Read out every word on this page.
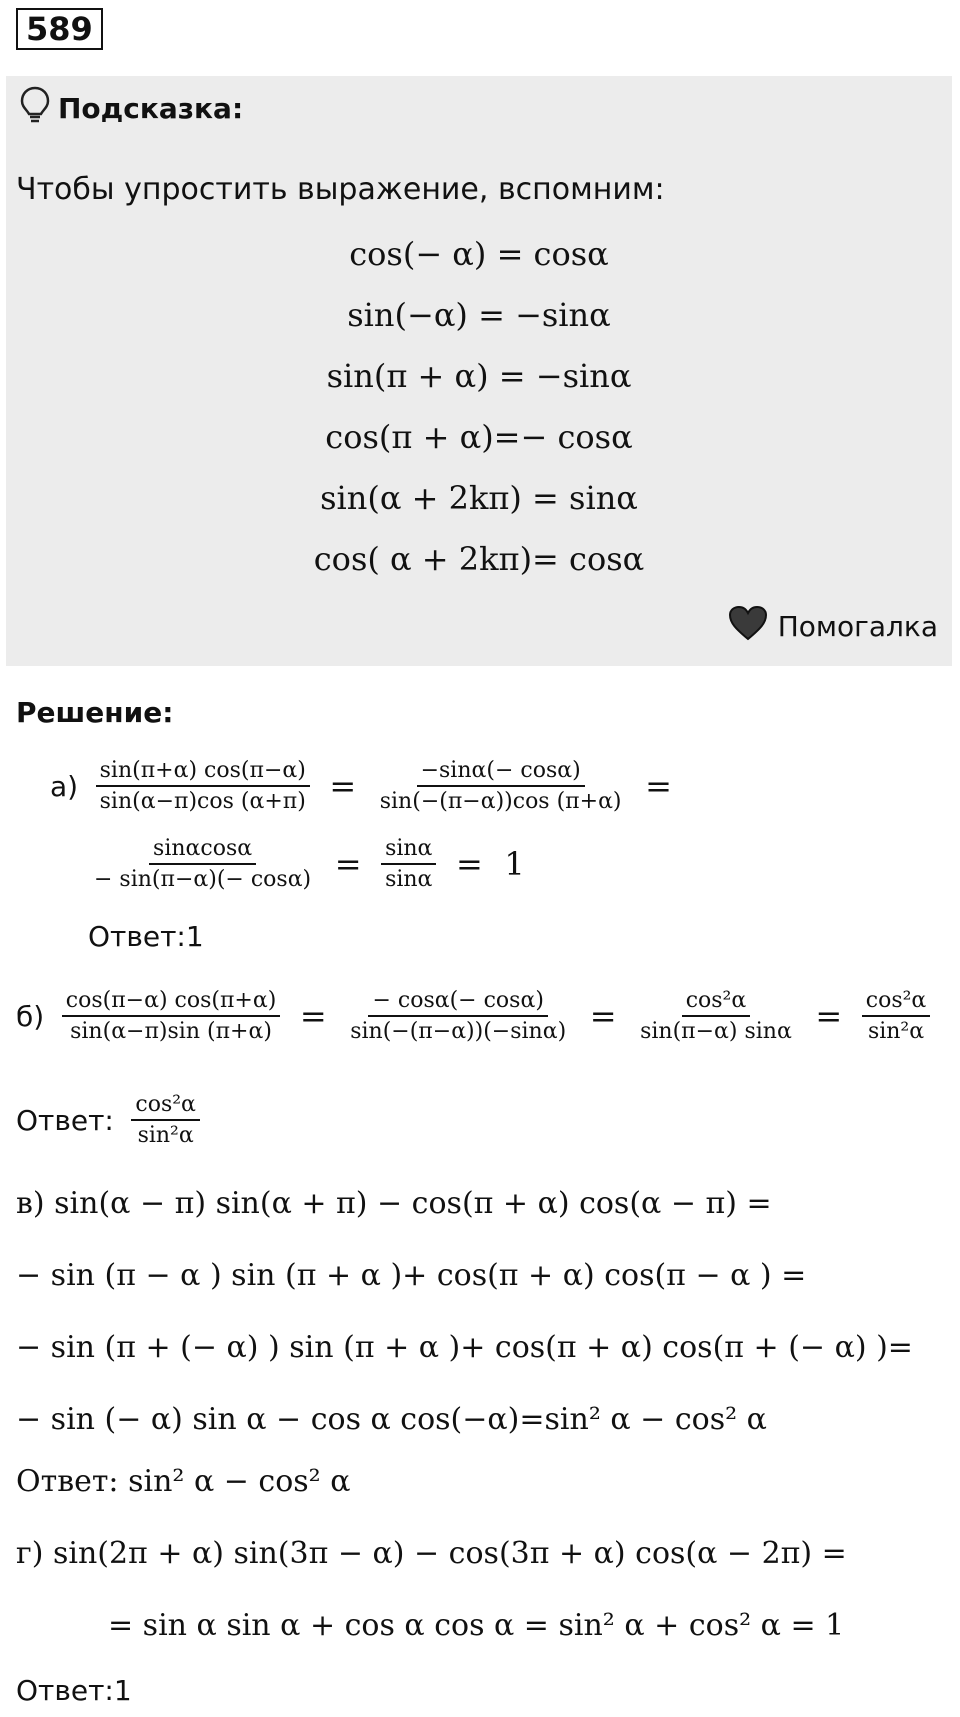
589
Подсказка:
Чтобы упростить выражение, вспомним:
cos(− α) = cosα
sin(−α) = −sinα
sin(π + α) = −sinα
cos(π + α)=− cosα
sin(α + 2kπ) = sinα
cos( α + 2kπ)= cosα
Помогалка
Решение:
$а) \frac{\sin(\pi+\alpha) \cos(\pi-\alpha)}{\sin(\alpha-\pi)\cos (\alpha+\pi)} = \frac{-\sin\alpha(- \cos\alpha)}{\sin(-(\pi-\alpha))\cos (\pi+\alpha)}$ =
$\frac{\sin\alpha\cos\alpha}{- \sin(\pi-\alpha)(- \cos\alpha)} = \frac{\sin\alpha}{\sin\alpha} = 1$
Ответ:1
$б) \frac{\cos(\pi-\alpha) \cos(\pi+\alpha)}{\sin(\alpha-\pi)\sin (\pi+\alpha)} = \frac{- \cos\alpha(- \cos\alpha)}{\sin(-(\pi-\alpha))(-\sin\alpha)} = \frac{\text{cos²α}}{\sin(\pi-\alpha) \sin\alpha} = \frac{\text{cos²α}}{\text{sin²α}}$
Ответ: $\frac{\text{cos²α}}{\text{sin²α}}$
в) sin(α − π) sin(α + π) − cos(π + α) cos(α − π) =
− sin (π − α ) sin (π + α )+ cos(π + α) cos(π − α ) =
− sin (π + (− α) ) sin (π + α )+ cos(π + α) cos(π + (− α) )=
− sin (− α) sin α − cos α cos(−α)=sin² α − cos² α
Ответ: sin² α − cos² α
г) sin(2π + α) sin(3π − α) − cos(3π + α) cos(α − 2π) =
= sin α sin α + cos α cos α = sin² α + cos² α = 1
Ответ:1
